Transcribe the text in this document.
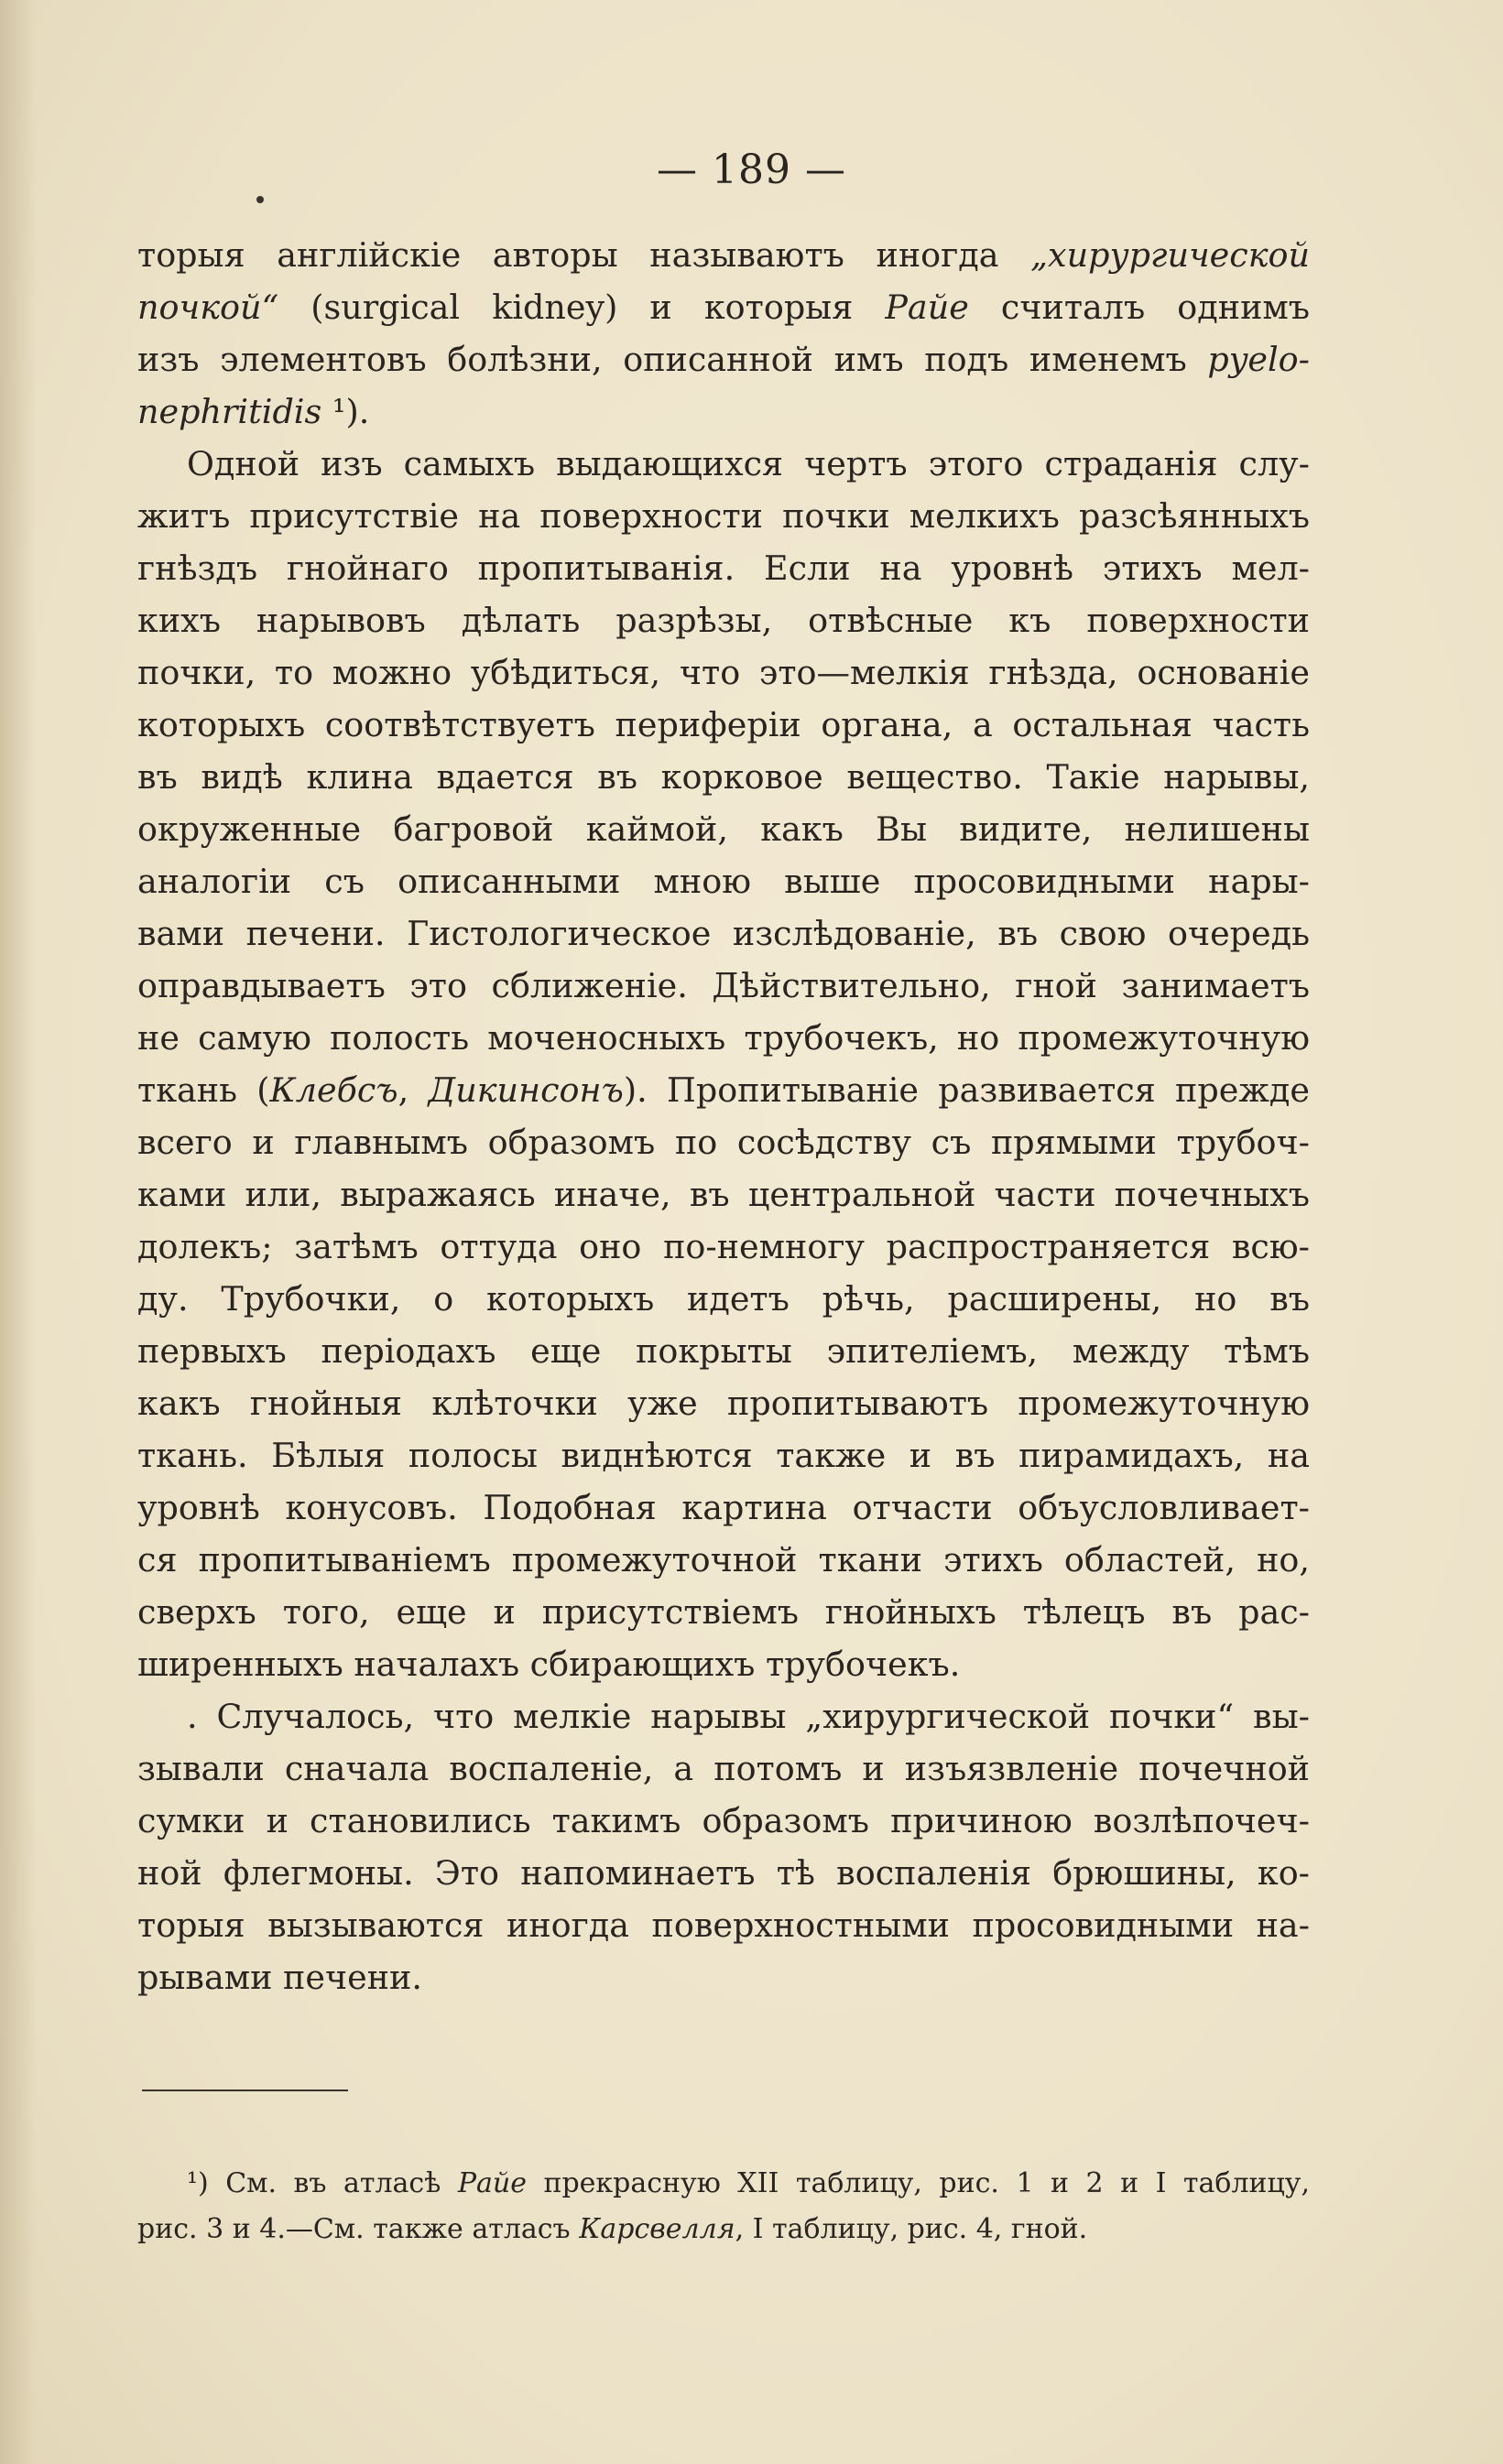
— 189 —
торыя англійскіе авторы называютъ иногда „хирургической
почкой“ (surgical kidney) и которыя Райе считалъ однимъ
изъ элементовъ болѣзни, описанной имъ подъ именемъ pyelo-
nephritidis ¹).
Одной изъ самыхъ выдающихся чертъ этого страданія слу-
житъ присутствіе на поверхности почки мелкихъ разсѣянныхъ
гнѣздъ гнойнаго пропитыванія. Если на уровнѣ этихъ мел-
кихъ нарывовъ дѣлать разрѣзы, отвѣсные къ поверхности
почки, то можно убѣдиться, что это—мелкія гнѣзда, основаніе
которыхъ соотвѣтствуетъ периферіи органа, а остальная часть
въ видѣ клина вдается въ корковое вещество. Такіе нарывы,
окруженные багровой каймой, какъ Вы видите, нелишены
аналогіи съ описанными мною выше просовидными нары-
вами печени. Гистологическое изслѣдованіе, въ свою очередь
оправдываетъ это сближеніе. Дѣйствительно, гной занимаетъ
не самую полость моченосныхъ трубочекъ, но промежуточную
ткань (Клебсъ, Дикинсонъ). Пропитываніе развивается прежде
всего и главнымъ образомъ по сосѣдству съ прямыми трубоч-
ками или, выражаясь иначе, въ центральной части почечныхъ
долекъ; затѣмъ оттуда оно по-немногу распространяется всю-
ду. Трубочки, о которыхъ идетъ рѣчь, расширены, но въ
первыхъ періодахъ еще покрыты эпителіемъ, между тѣмъ
какъ гнойныя клѣточки уже пропитываютъ промежуточную
ткань. Бѣлыя полосы виднѣются также и въ пирамидахъ, на
уровнѣ конусовъ. Подобная картина отчасти объусловливает-
ся пропитываніемъ промежуточной ткани этихъ областей, но,
сверхъ того, еще и присутствіемъ гнойныхъ тѣлецъ въ рас-
ширенныхъ началахъ сбирающихъ трубочекъ.
. Случалось, что мелкіе нарывы „хирургической почки“ вы-
зывали сначала воспаленіе, а потомъ и изъязвленіе почечной
сумки и становились такимъ образомъ причиною возлѣпочеч-
ной флегмоны. Это напоминаетъ тѣ воспаленія брюшины, ко-
торыя вызываются иногда поверхностными просовидными на-
рывами печени.
¹) См. въ атласѣ Райе прекрасную XII таблицу, рис. 1 и 2 и I таблицу,
рис. 3 и 4.—См. также атласъ Карсвелля, I таблицу, рис. 4, гной.
